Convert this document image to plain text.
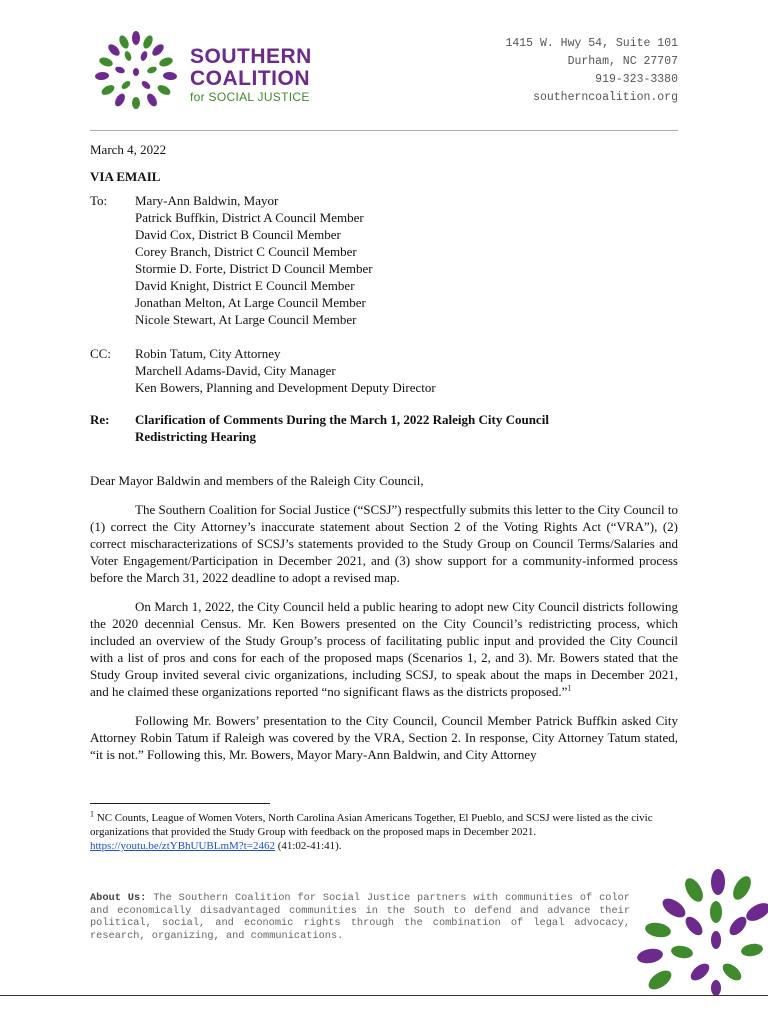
SOUTHERN
COALITION
for SOCIAL JUSTICE
1415 W. Hwy 54, Suite 101
Durham, NC 27707
919-323-3380
southerncoalition.org

March 4, 2022

VIA EMAIL

To:	Mary-Ann Baldwin, Mayor
Patrick Buffkin, District A Council Member
David Cox, District B Council Member
Corey Branch, District C Council Member
Stormie D. Forte, District D Council Member
David Knight, District E Council Member
Jonathan Melton, At Large Council Member
Nicole Stewart, At Large Council Member
CC:	Robin Tatum, City Attorney
Marchell Adams-David, City Manager
Ken Bowers, Planning and Development Deputy Director
Re:	Clarification of Comments During the March 1, 2022 Raleigh City Council Redistricting Hearing

Dear Mayor Baldwin and members of the Raleigh City Council,

The Southern Coalition for Social Justice (“SCSJ”) respectfully submits this letter to the City Council to (1) correct the City Attorney’s inaccurate statement about Section 2 of the Voting Rights Act (“VRA”), (2) correct mischaracterizations of SCSJ’s statements provided to the Study Group on Council Terms/Salaries and Voter Engagement/Participation in December 2021, and (3) show support for a community-informed process before the March 31, 2022 deadline to adopt a revised map.

On March 1, 2022, the City Council held a public hearing to adopt new City Council districts following the 2020 decennial Census. Mr. Ken Bowers presented on the City Council’s redistricting process, which included an overview of the Study Group’s process of facilitating public input and provided the City Council with a list of pros and cons for each of the proposed maps (Scenarios 1, 2, and 3). Mr. Bowers stated that the Study Group invited several civic organizations, including SCSJ, to speak about the maps in December 2021, and he claimed these organizations reported “no significant flaws as the districts proposed.”$^1$

Following Mr. Bowers’ presentation to the City Council, Council Member Patrick Buffkin asked City Attorney Robin Tatum if Raleigh was covered by the VRA, Section 2. In response, City Attorney Tatum stated, “it is not.” Following this, Mr. Bowers, Mayor Mary-Ann Baldwin, and City Attorney

$^1$ NC Counts, League of Women Voters, North Carolina Asian Americans Together, El Pueblo, and SCSJ were listed as the civic organizations that provided the Study Group with feedback on the proposed maps in December 2021. https://youtu.be/ztYBhUUBLmM?t=2462 (41:02-41:41).
About Us: The Southern Coalition for Social Justice partners with communities of color and economically disadvantaged communities in the South to defend and advance their political, social, and economic rights through the combination of legal advocacy, research, organizing, and communications.
